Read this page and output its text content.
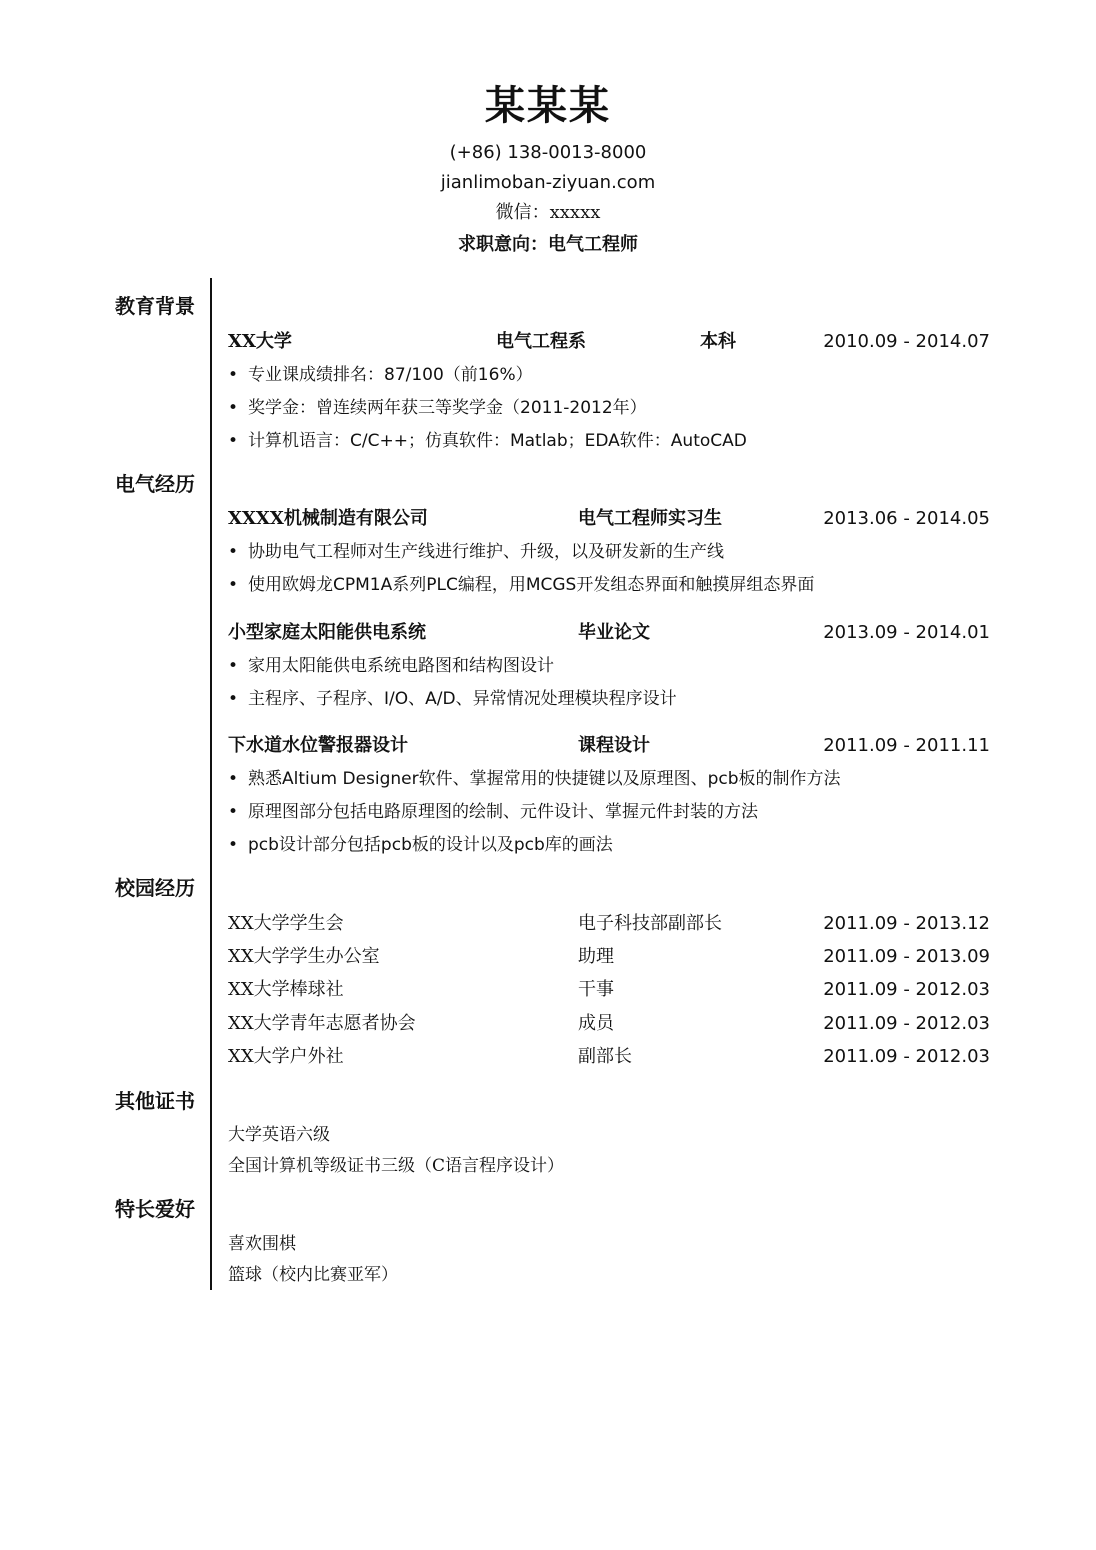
某某某
(+86) 138-0013-8000
jianlimoban-ziyuan.com
微信：xxxxx
求职意向：电气工程师
教育背景
XX大学	电气工程系	本科	2010.09 - 2014.07
• 专业课成绩排名：87/100（前16%）
• 奖学金：曾连续两年获三等奖学金（2011-2012年）
• 计算机语言：C/C++；仿真软件：Matlab；EDA软件：AutoCAD
电气经历
XXXX机械制造有限公司	电气工程师实习生	2013.06 - 2014.05
• 协助电气工程师对生产线进行维护、升级，以及研发新的生产线
• 使用欧姆龙CPM1A系列PLC编程，用MCGS开发组态界面和触摸屏组态界面
小型家庭太阳能供电系统	毕业论文	2013.09 - 2014.01
• 家用太阳能供电系统电路图和结构图设计
• 主程序、子程序、I/O、A/D、异常情况处理模块程序设计
下水道水位警报器设计	课程设计	2011.09 - 2011.11
• 熟悉Altium Designer软件、掌握常用的快捷键以及原理图、pcb板的制作方法
• 原理图部分包括电路原理图的绘制、元件设计、掌握元件封装的方法
• pcb设计部分包括pcb板的设计以及pcb库的画法
校园经历
XX大学学生会	电子科技部副部长	2011.09 - 2013.12
XX大学学生办公室	助理	2011.09 - 2013.09
XX大学棒球社	干事	2011.09 - 2012.03
XX大学青年志愿者协会	成员	2011.09 - 2012.03
XX大学户外社	副部长	2011.09 - 2012.03
其他证书
大学英语六级
全国计算机等级证书三级（C语言程序设计）
特长爱好
喜欢围棋
篮球（校内比赛亚军）
